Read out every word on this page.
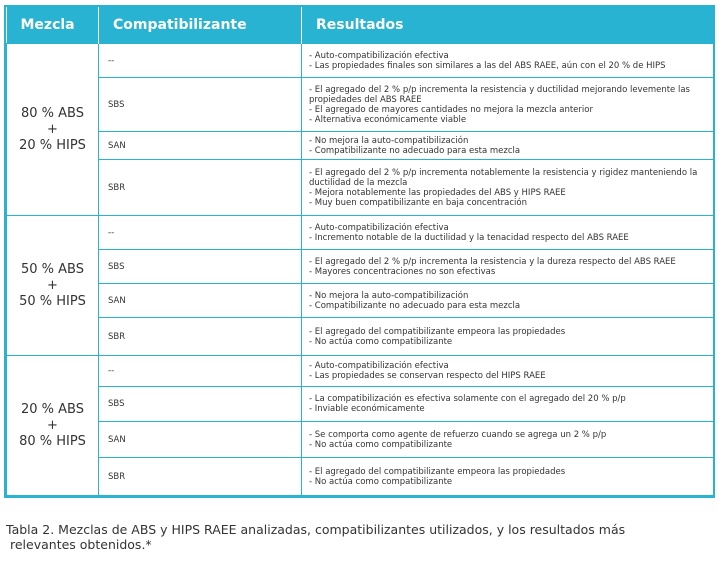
Mezcla	Compatibilizante	Resultados

80 % ABS
+
20 % HIPS	--	- Auto-compatibilización efectiva
- Las propiedades finales son similares a las del ABS RAEE, aún con el 20 % de HIPS

	SBS	- El agregado del 2 % p/p incrementa la resistencia y ductilidad mejorando levemente las propiedades del ABS RAEE
- El agregado de mayores cantidades no mejora la mezcla anterior
- Alternativa económicamente viable

	SAN	- No mejora la auto-compatibilización
- Compatibilizante no adecuado para esta mezcla

	SBR	- El agregado del 2 % p/p incrementa notablemente la resistencia y rigidez manteniendo la ductilidad de la mezcla
- Mejora notablemente las propiedades del ABS y HIPS RAEE
- Muy buen compatibilizante en baja concentración

50 % ABS
+
50 % HIPS	--	- Auto-compatibilización efectiva
- Incremento notable de la ductilidad y la tenacidad respecto del ABS RAEE

	SBS	- El agregado del 2 % p/p incrementa la resistencia y la dureza respecto del ABS RAEE
- Mayores concentraciones no son efectivas

	SAN	- No mejora la auto-compatibilización
- Compatibilizante no adecuado para esta mezcla

	SBR	- El agregado del compatibilizante empeora las propiedades
- No actúa como compatibilizante

20 % ABS
+
80 % HIPS	--	- Auto-compatibilización efectiva
- Las propiedades se conservan respecto del HIPS RAEE

	SBS	- La compatibilización es efectiva solamente con el agregado del 20 % p/p
- Inviable económicamente

	SAN	- Se comporta como agente de refuerzo cuando se agrega un 2 % p/p
- No actúa como compatibilizante

	SBR	- El agregado del compatibilizante empeora las propiedades
- No actúa como compatibilizante
Tabla 2. Mezclas de ABS y HIPS RAEE analizadas, compatibilizantes utilizados, y los resultados más
relevantes obtenidos.*
